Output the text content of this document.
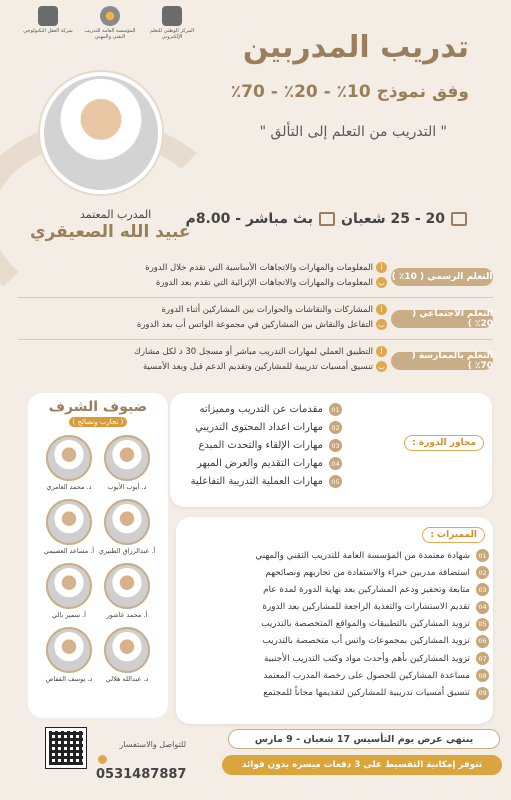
شركة العقل التكنولوجي	المؤسسة العامة للتدريب التقني والمهني
المركز الوطني للتعلم الإلكتروني	تدريب المدربين
وفق نموذج 10٪ - 20٪ - 70٪
" التدريب من التعلم إلى التألق "
المدرب المعتمد
عبيد الله الصعيقري
20 - 25 شعبان
بث مباشر - 8.00م
التعلم الرسمي ( 10٪ )
أ
المعلومات والمهارات والاتجاهات الأساسية التي تقدم خلال الدورة
ب
المعلومات والمهارات والاتجاهات الإثرائية التي تقدم بعد الدورة
التعلم الاجتماعي ( 20٪ )
أ
المشاركات والنقاشات والحوارات بين المشاركين أثناء الدورة
ب
التفاعل والنقاش بين المشاركين في مجموعة الواتس أب بعد الدورة
التعلم بالممارسة ( 70٪ )
أ
التطبيق العملي لمهارات التدريب مباشر أو مسجل 30 د لكل مشارك
ب
تنسيق أمسيات تدريبية للمشاركين وتقديم الدعم قبل وبعد الأمسية
ضيوف الشرف
( تجارب ونصائح )
د. أيوب الأيوب
د. محمد العامري
أ. عبدالرزاق الطنيري
أ. مساعد العصيمي
أ. محمد عاشور
أ. سمير بالي
د. عبدالله هلالي
د. يوسف القفاص
محاور الدورة :
01
مقدمات عن التدريب ومميزاته
02
مهارات اعداد المحتوى التدريبي
03
مهارات الإلقاء والتحدث المبدع
04
مهارات التقديم والعرض المبهر
05
مهارات العملية التدريبة التفاعلية
المميزات :
01
شهادة معتمدة من المؤسسة العامة للتدريب التقني والمهني
02
استضافة مدربين خبراء والاستفادة من تجاربهم ونصائحهم
03
متابعة وتحفيز ودعم المشاركين بعد نهاية الدورة لمدة عام
04
تقديم الاستشارات والتغذية الراجعة للمشاركين بعد الدورة
05
تزويد المشاركين بالتطبيقات والمواقع المتخصصة بالتدريب
06
تزويد المشاركين بمجموعات واتس أب متخصصة بالتدريب
07
تزويد المشاركين بأهم وأحدث مواد وكتب التدريب الأجنبية
08
مساعدة المشاركين للحصول على رخصة المدرب المعتمد
09
تنسيق أمسيات تدريبية للمشاركين لتقديمها مجاناً للمجتمع
للتواصل والاستفسار
0531487887
ينتهي عرض يوم التأسيس 17 شعبان - 9 مارس
تتوفر إمكانية التقسيط على 3 دفعات ميسره بدون فوائد
